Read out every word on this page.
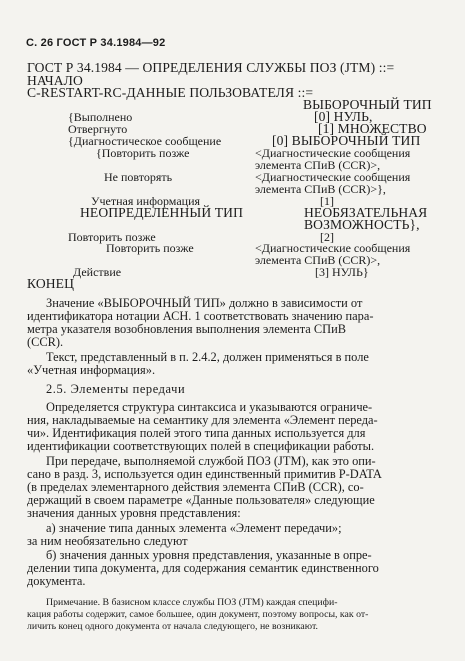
С. 26 ГОСТ Р 34.1984—92
ГОСТ Р 34.1984 — ОПРЕДЕЛЕНИЯ СЛУЖБЫ ПОЗ (JTM) ::=
НАЧАЛО
C-RESTART-RC-ДАННЫЕ ПОЛЬЗОВАТЕЛЯ ::=
ВЫБОРОЧНЫЙ ТИП
{Выполнено	[0] НУЛЬ,
Отвергнуто	[1] МНОЖЕСТВО
{Диагностическое сообщение	[0] ВЫБОРОЧНЫЙ ТИП
{Повторить позже	<Диагностические сообщения
элемента СПиВ (CCR)>,
Не повторять	<Диагностические сообщения
элемента СПиВ (CCR)>},
Учетная информация	[1]
НЕОПРЕДЕЛЕННЫЙ ТИП	НЕОБЯЗАТЕЛЬНАЯ
ВОЗМОЖНОСТЬ},
Повторить позже	[2]
Повторить позже	<Диагностические сообщения
элемента СПиВ (CCR)>,
Действие	[3] НУЛЬ}
КОНЕЦ
Значение «ВЫБОРОЧНЫЙ ТИП» должно в зависимости от
идентификатора нотации АСН. 1 соответствовать значению пара-
метра указателя возобновления выполнения элемента СПиВ
(CCR).
Текст, представленный в п. 2.4.2, должен применяться в поле
«Учетная информация».
2.5. Элементы передачи
Определяется структура синтаксиса и указываются ограниче-
ния, накладываемые на семантику для элемента «Элемент переда-
чи». Идентификация полей этого типа данных используется для
идентификации соответствующих полей в спецификации работы.
При передаче, выполняемой службой ПОЗ (JTM), как это опи-
сано в разд. 3, используется один единственный примитив P-DATA
(в пределах элементарного действия элемента СПиВ (CCR), со-
держащий в своем параметре «Данные пользователя» следующие
значения данных уровня представления:
а) значение типа данных элемента «Элемент передачи»;
за ним необязательно следуют
б) значения данных уровня представления, указанные в опре-
делении типа документа, для содержания семантик единственного
документа.
Примечание. В базисном классе службы ПОЗ (JTM) каждая специфи-
кация работы содержит, самое большее, один документ, поэтому вопросы, как от-
личить конец одного документа от начала следующего, не возникают.
